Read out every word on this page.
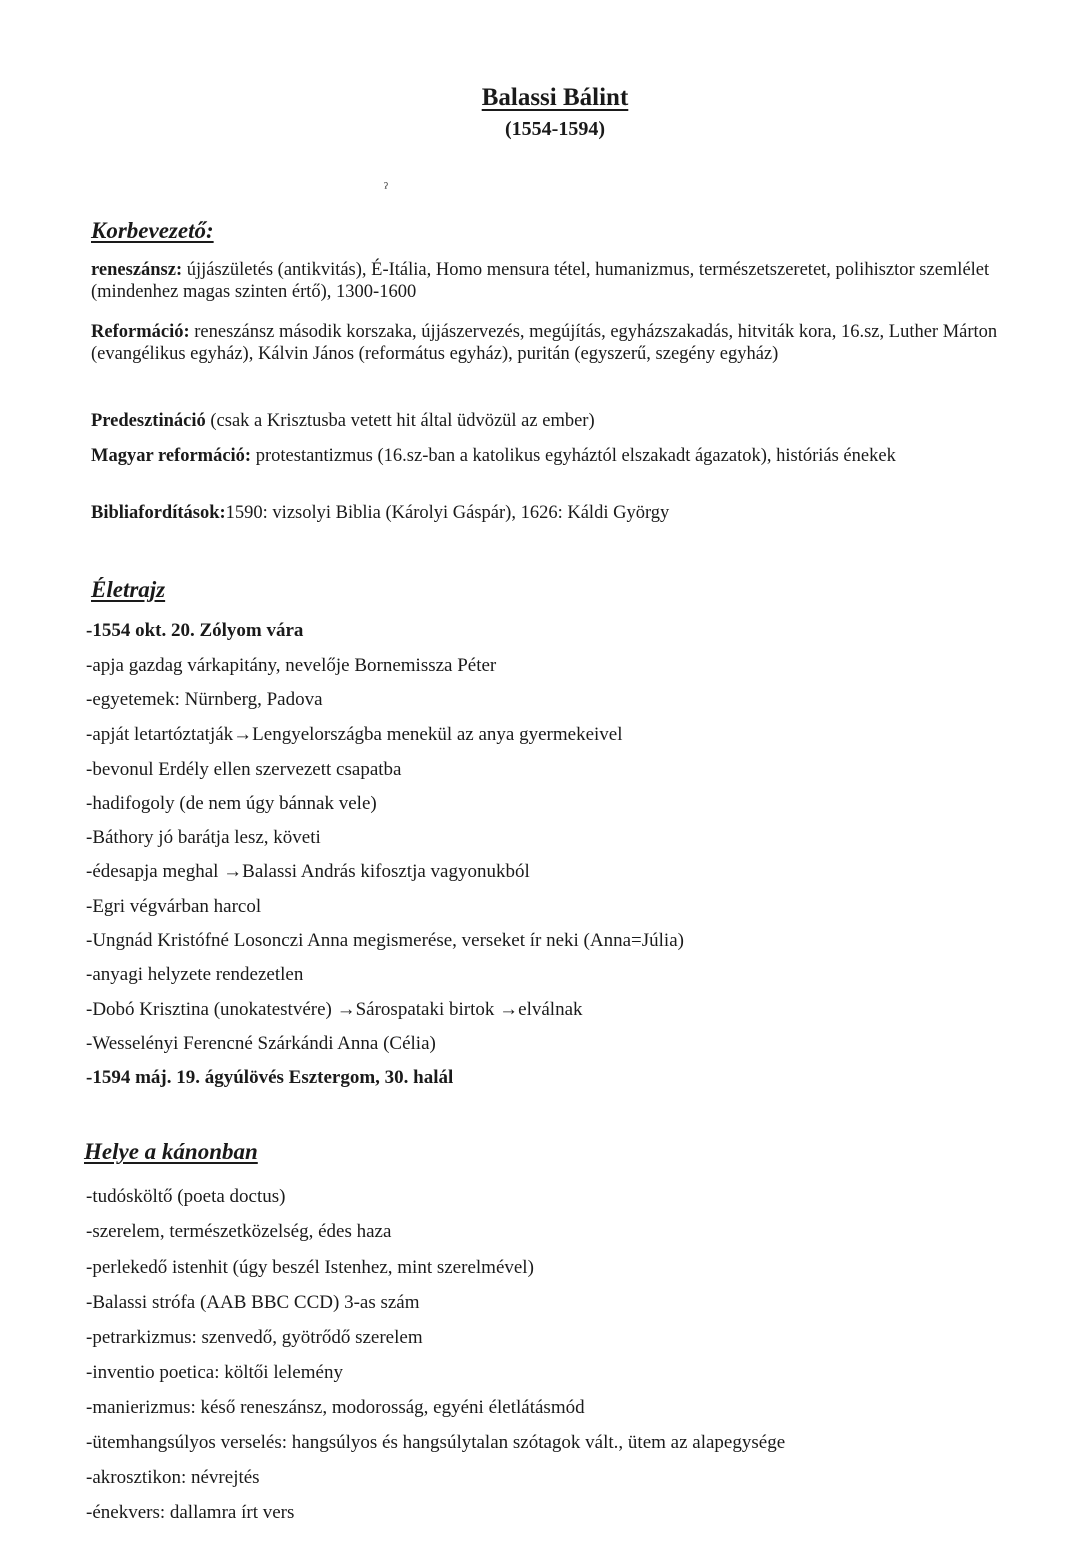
Balassi Bálint
(1554-1594)
ˀ
Korbevezető:
reneszánsz: újjászületés (antikvitás), É-Itália, Homo mensura tétel, humanizmus, természetszeretet, polihisztor szemlélet (mindenhez magas szinten értő), 1300-1600
Reformáció: reneszánsz második korszaka, újjászervezés, megújítás, egyházszakadás, hitviták kora, 16.sz, Luther Márton (evangélikus egyház), Kálvin János (református egyház), puritán (egyszerű, szegény egyház)
Predesztináció (csak a Krisztusba vetett hit által üdvözül az ember)
Magyar reformáció: protestantizmus (16.sz-ban a katolikus egyháztól elszakadt ágazatok), históriás énekek
Bibliafordítások:1590: vizsolyi Biblia (Károlyi Gáspár), 1626: Káldi György
Életrajz
-1554 okt. 20. Zólyom vára
-apja gazdag várkapitány, nevelője Bornemissza Péter
-egyetemek: Nürnberg, Padova
-apját letartóztatják→Lengyelországba menekül az anya gyermekeivel
-bevonul Erdély ellen szervezett csapatba
-hadifogoly (de nem úgy bánnak vele)
-Báthory jó barátja lesz, követi
-édesapja meghal →Balassi András kifosztja vagyonukból
-Egri végvárban harcol
-Ungnád Kristófné Losonczi Anna megismerése, verseket ír neki (Anna=Júlia)
-anyagi helyzete rendezetlen
-Dobó Krisztina (unokatestvére) →Sárospataki birtok →elválnak
-Wesselényi Ferencné Szárkándi Anna (Célia)
-1594 máj. 19. ágyúlövés Esztergom, 30. halál
Helye a kánonban
-tudósköltő (poeta doctus)
-szerelem, természetközelség, édes haza
-perlekedő istenhit (úgy beszél Istenhez, mint szerelmével)
-Balassi strófa (AAB BBC CCD) 3-as szám
-petrarkizmus: szenvedő, gyötrődő szerelem
-inventio poetica: költői lelemény
-manierizmus: késő reneszánsz, modorosság, egyéni életlátásmód
-ütemhangsúlyos verselés: hangsúlyos és hangsúlytalan szótagok vált., ütem az alapegysége
-akrosztikon: névrejtés
-énekvers: dallamra írt vers
